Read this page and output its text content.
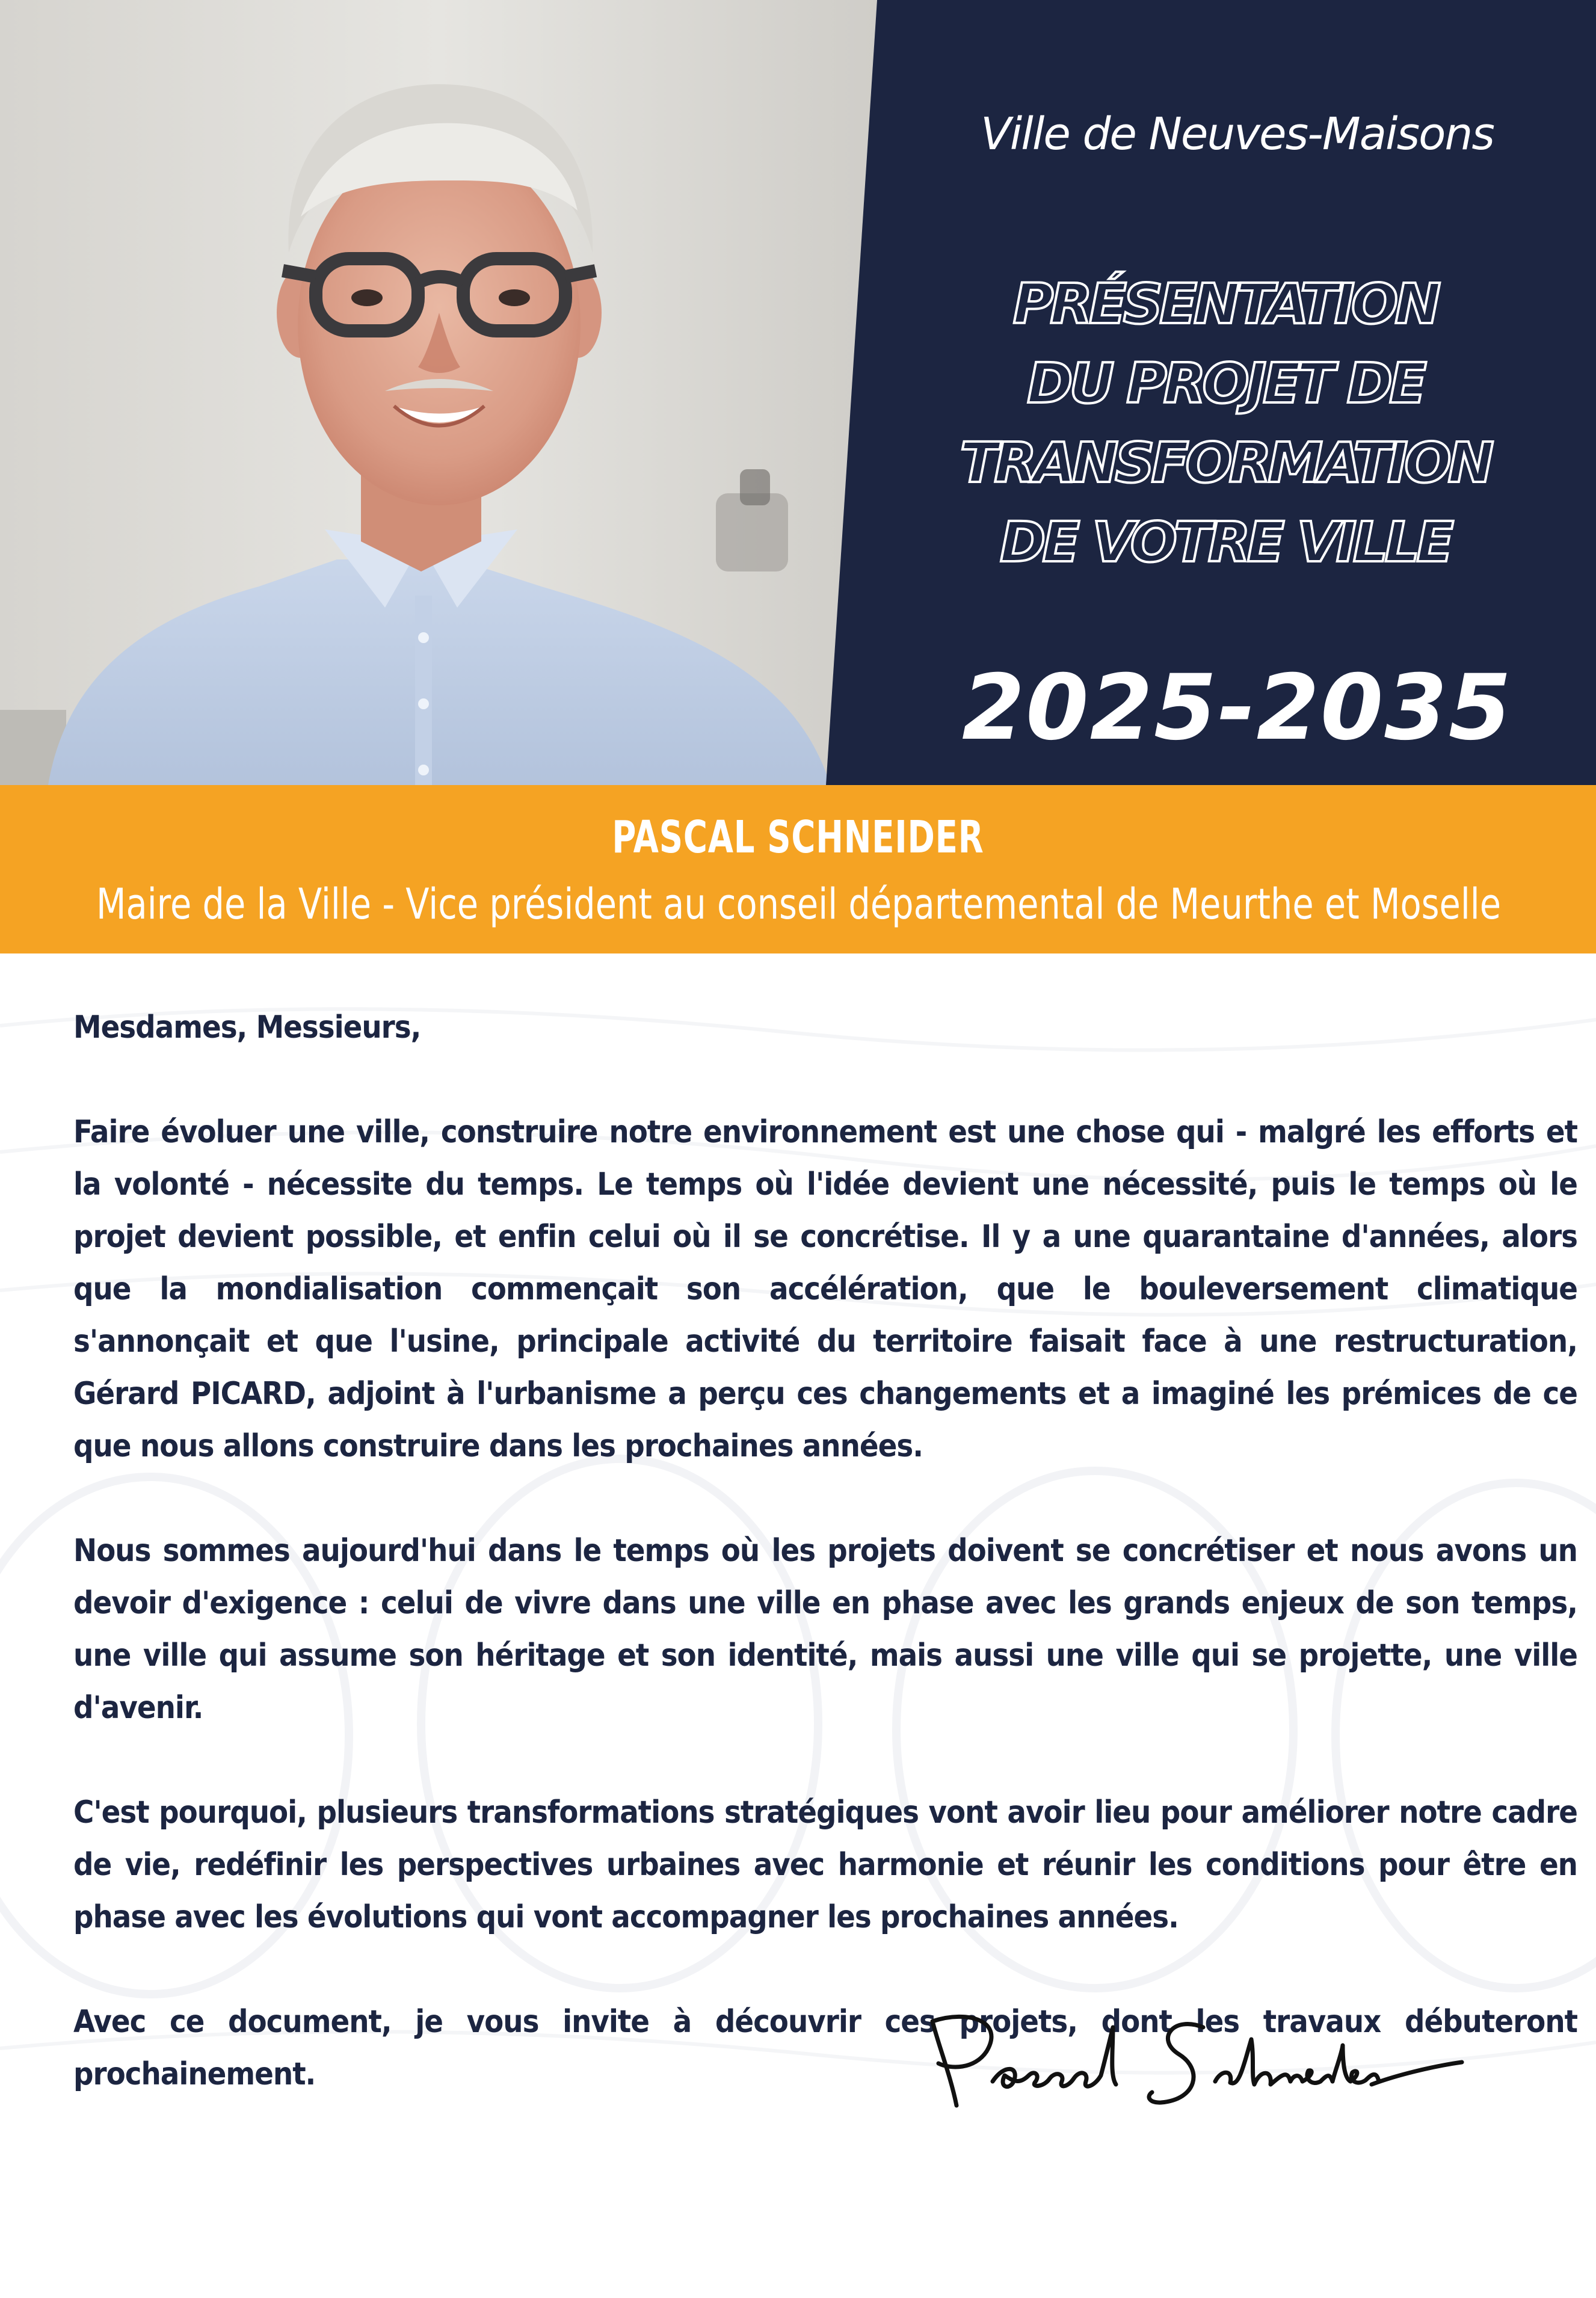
Ville de Neuves-Maisons
PRÉSENTATION
DU PROJET DE
TRANSFORMATION
DE VOTRE VILLE
2025-2035
PASCAL SCHNEIDER
Maire de la Ville - Vice président au conseil départemental de Meurthe et Moselle

Mesdames, Messieurs,

Faire évoluer une ville, construire notre environnement est une chose qui - malgré les efforts et la volonté - nécessite du temps. Le temps où l'idée devient une nécessité, puis le temps où le projet devient possible, et enfin celui où il se concrétise. Il y a une quarantaine d'années, alors que la mondialisation commençait son accélération, que le bouleversement climatique s'annonçait et que l'usine, principale activité du territoire faisait face à une restructuration, Gérard PICARD, adjoint à l'urbanisme a perçu ces changements et a imaginé les prémices de ce que nous allons construire dans les prochaines années.

Nous sommes aujourd'hui dans le temps où les projets doivent se concrétiser et nous avons un devoir d'exigence : celui de vivre dans une ville en phase avec les grands enjeux de son temps, une ville qui assume son héritage et son identité, mais aussi une ville qui se projette, une ville d'avenir.

C'est pourquoi, plusieurs transformations stratégiques vont avoir lieu pour améliorer notre cadre de vie, redéfinir les perspectives urbaines avec harmonie et réunir les conditions pour être en phase avec les évolutions qui vont accompagner les prochaines années.

Avec ce document, je vous invite à découvrir ces projets, dont les travaux débuteront prochainement.
